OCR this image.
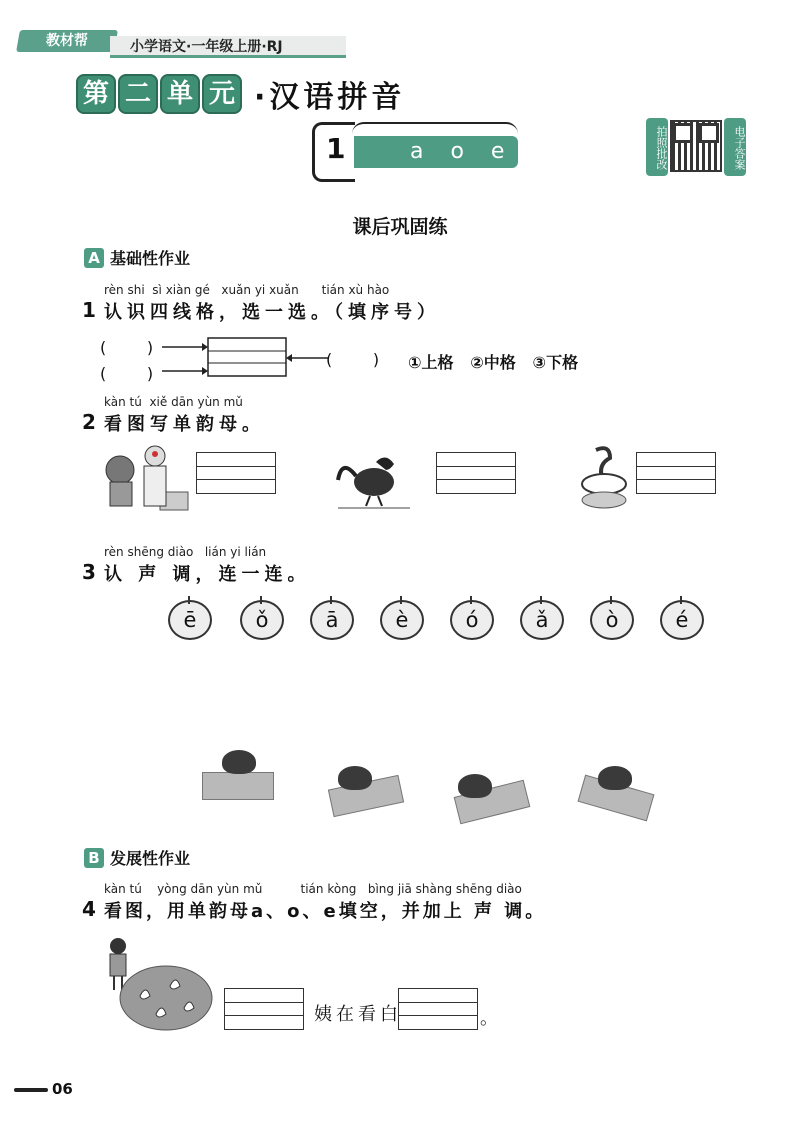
教材帮	小学语文·一年级上册·RJ
第 二 单 元 ·汉语拼音
1	a o e	拍照批改	电子答案
课后巩固练
A 基础性作业
rèn shi  sì xiàn gé   xuǎn yi xuǎn      tián xù hào
1 认识四线格，选一选。（填序号）
(        )
(        )
(        ) ①上格   ②中格   ③下格
kàn tú  xiě dān yùn mǔ
2 看图写单韵母。
rèn shēng diào   lián yi lián
3 认 声 调，连一连。
ē	ǒ	ā	è	ó	ǎ	ò	é
B 发展性作业
kàn tú    yòng dān yùn mǔ          tián kòng   bìng jiā shàng shēng diào
4 看图，用单韵母a、o、e填空，并加上 声 调。
姨在看白	。
06
